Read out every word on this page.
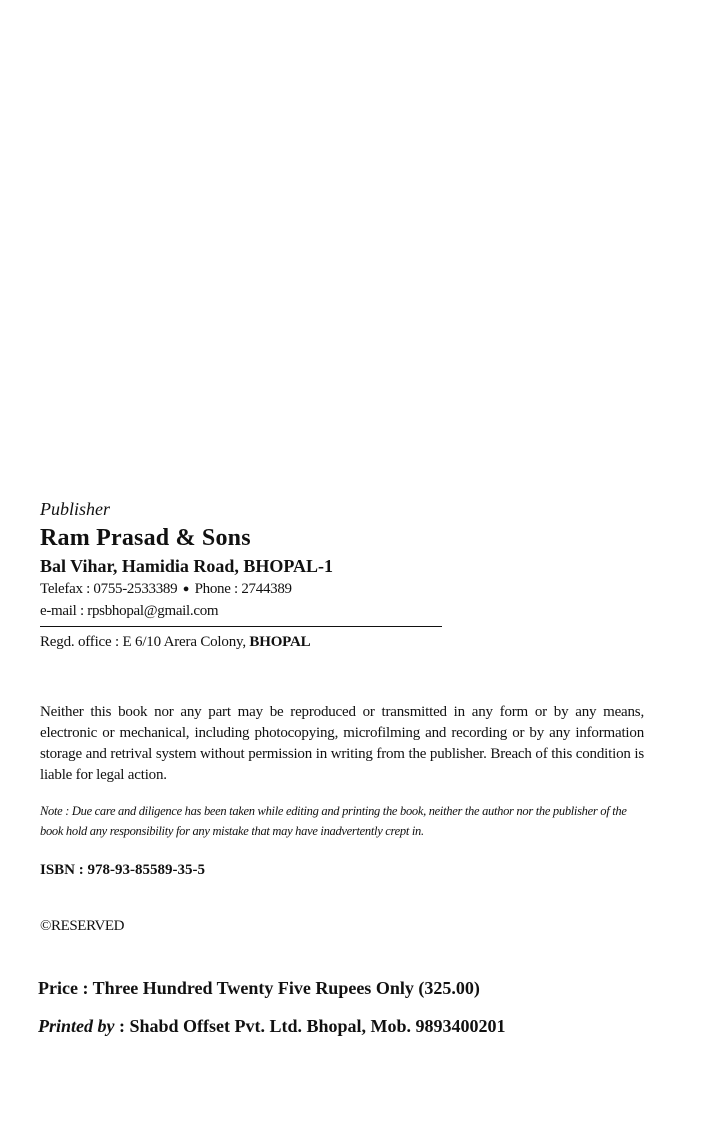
Publisher
Ram Prasad & Sons
Bal Vihar, Hamidia Road, BHOPAL-1
Telefax : 0755-2533389 ● Phone : 2744389
e-mail : rpsbhopal@gmail.com
Regd. office : E 6/10 Arera Colony, BHOPAL
Neither this book nor any part may be reproduced or transmitted in any form or by any means, electronic or mechanical, including photocopying, microfilming and recording or by any information storage and retrival system without permission in writing from the publisher. Breach of this condition is liable for legal action.
Note : Due care and diligence has been taken while editing and printing the book, neither the author nor the publisher of the book hold any responsibility for any mistake that may have inadvertently crept in.
ISBN : 978-93-85589-35-5
©RESERVED
Price : Three Hundred Twenty Five Rupees Only (325.00)
Printed by : Shabd Offset Pvt. Ltd. Bhopal, Mob. 9893400201
